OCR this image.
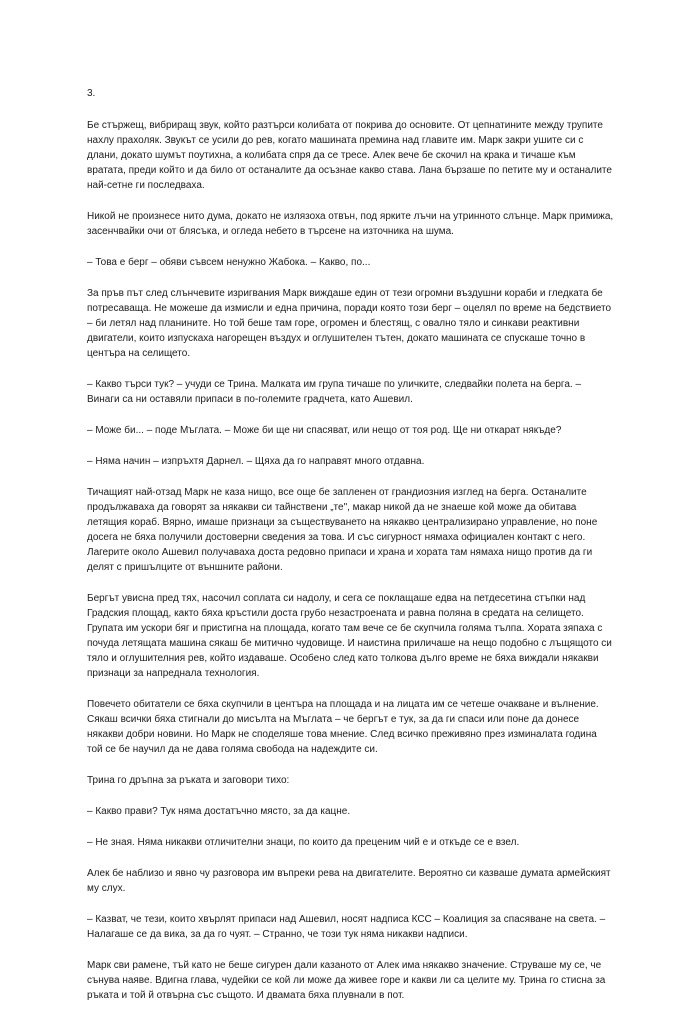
3.

Бе стържещ, вибриращ звук, който разтърси колибата от покрива до основите. От цепнатините между трупите нахлу прахоляк. Звукът се усили до рев, когато машината премина над главите им. Марк закри ушите си с длани, докато шумът поутихна, а колибата спря да се тресе. Алек вече бе скочил на крака и тичаше към вратата, преди който и да било от останалите да осъзнае какво става. Лана бързаше по петите му и останалите най-сетне ги последваха.

Никой не произнесе нито дума, докато не излязоха отвън, под ярките лъчи на утринното слънце. Марк примижа, засенчвайки очи от блясъка, и огледа небето в търсене на източника на шума.

– Това е берг – обяви съвсем ненужно Жабока. – Какво, по...

За пръв път след слънчевите изригвания Марк виждаше един от тези огромни въздушни кораби и гледката бе потресаваща. Не можеше да измисли и една причина, поради която този берг – оцелял по време на бедствието – би летял над планините. Но той беше там горе, огромен и блестящ, с овално тяло и синкави реактивни двигатели, които изпускаха нагорещен въздух и оглушителен тътен, докато машината се спускаше точно в центъра на селището.

– Какво търси тук? – учуди се Трина. Малката им група тичаше по уличките, следвайки полета на берга. – Винаги са ни оставяли припаси в по-големите градчета, като Ашевил.

– Може би... – поде Мъглата. – Може би ще ни спасяват, или нещо от тоя род. Ще ни откарат някъде?

– Няма начин – изпръхтя Дарнел. – Щяха да го направят много отдавна.

Тичащият най-отзад Марк не каза нищо, все още бе запленен от грандиозния изглед на берга. Останалите продължаваха да говорят за някакви си тайнствени „те", макар никой да не знаеше кой може да обитава летящия кораб. Вярно, имаше признаци за съществуването на някакво централизирано управление, но поне досега не бяха получили достоверни сведения за това. И със сигурност нямаха официален контакт с него. Лагерите около Ашевил получаваха доста редовно припаси и храна и хората там нямаха нищо против да ги делят с пришълците от външните райони.

Бергът увисна пред тях, насочил соплата си надолу, и сега се поклащаше едва на петдесетина стъпки над Градския площад, както бяха кръстили доста грубо незастроената и равна поляна в средата на селището. Групата им ускори бяг и пристигна на площада, когато там вече се бе скупчила голяма тълпа. Хората зяпаха с почуда летящата машина сякаш бе митично чудовище. И наистина приличаше на нещо подобно с лъщящото си тяло и оглушителния рев, който издаваше. Особено след като толкова дълго време не бяха виждали някакви признаци за напреднала технология.

Повечето обитатели се бяха скупчили в центъра на площада и на лицата им се четеше очакване и вълнение. Сякаш всички бяха стигнали до мисълта на Мъглата – че бергът е тук, за да ги спаси или поне да донесе някакви добри новини. Но Марк не споделяше това мнение. След всичко преживяно през изминалата година той се бе научил да не дава голяма свобода на надеждите си.

Трина го дръпна за ръката и заговори тихо:

– Какво прави? Тук няма достатъчно място, за да кацне.

– Не зная. Няма никакви отличителни знаци, по които да преценим чий е и откъде се е взел.

Алек бе наблизо и явно чу разговора им въпреки рева на двигателите. Вероятно си казваше думата армейският му слух.

– Казват, че тези, които хвърлят припаси над Ашевил, носят надписа КСС – Коалиция за спасяване на света. – Налагаше се да вика, за да го чуят. – Странно, че този тук няма никакви надписи.

Марк сви рамене, тъй като не беше сигурен дали казаното от Алек има някакво значение. Струваше му се, че сънува наяве. Вдигна глава, чудейки се кой ли може да живее горе и какви ли са целите му. Трина го стисна за ръката и той й отвърна със същото. И двамата бяха плувнали в пот.
